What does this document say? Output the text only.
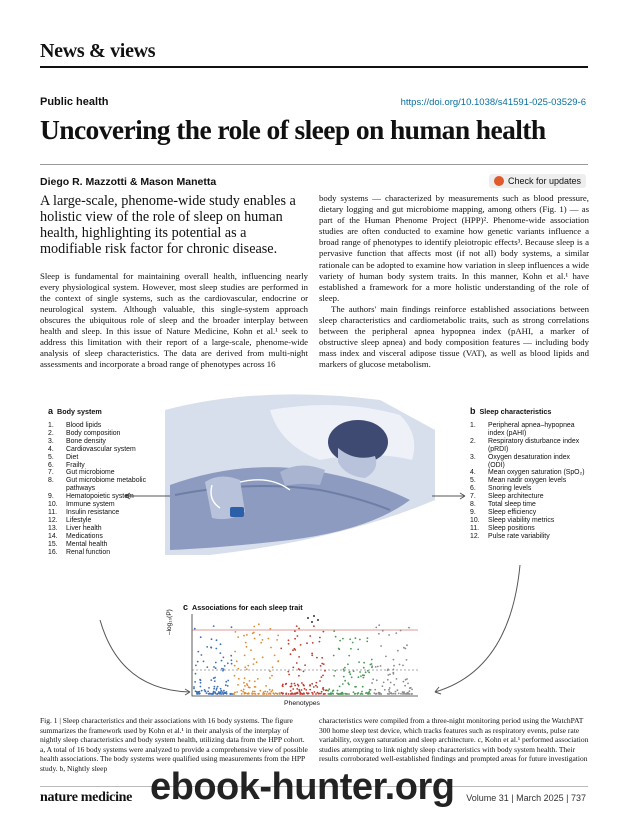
News & views
Public health	https://doi.org/10.1038/s41591-025-03529-6
Uncovering the role of sleep on human health
Diego R. Mazzotti & Mason Manetta	Check for updates

A large-scale, phenome-wide study enables a holistic view of the role of sleep on human health, highlighting its potential as a modifiable risk factor for chronic disease.

Sleep is fundamental for maintaining overall health, influencing nearly every physiological system. However, most sleep studies are performed in the context of single systems, such as the cardiovascular, endocrine or neurological system. Although valuable, this single-system approach obscures the ubiquitous role of sleep and the broader interplay between health and sleep. In this issue of Nature Medicine, Kohn et al.¹ seek to address this limitation with their report of a large-scale, phenome-wide analysis of sleep characteristics. The data are derived from multi-night assessments and incorporate a broad range of phenotypes across 16

body systems — characterized by measurements such as blood pressure, dietary logging and gut microbiome mapping, among others (Fig. 1) — as part of the Human Phenome Project (HPP)². Phenome-wide association studies are often conducted to examine how genetic variants influence a broad range of phenotypes to identify pleiotropic effects³. Because sleep is a pervasive function that affects most (if not all) body systems, a similar rationale can be adopted to examine how variation in sleep influences a wide variety of human body system traits. In this manner, Kohn et al.¹ have established a framework for a more holistic understanding of the role of sleep.

The authors' main findings reinforce established associations between sleep characteristics and cardiometabolic traits, such as strong correlations between the peripheral apnea hypopnea index (pAHI, a marker of obstructive sleep apnea) and body composition features — including body mass index and visceral adipose tissue (VAT), as well as blood lipids and markers of glucose metabolism.

a Body system
1.	Blood lipids
2.	Body composition
3.	Bone density
4.	Cardiovascular system
5.	Diet
6.	Frailty
7.	Gut microbiome
8.	Gut microbiome metabolic pathways
9.	Hematopoietic system
10.	Immune system
11.	Insulin resistance
12.	Lifestyle
13.	Liver health
14.	Medications
15.	Mental health
16.	Renal function
b Sleep characteristics
1.	Peripheral apnea–hypopnea index (pAHI)
2.	Respiratory disturbance index (pRDI)
3.	Oxygen desaturation index (ODI)
4.	Mean oxygen saturation (SpO₂)
5.	Mean nadir oxygen levels
6.	Snoring levels
7.	Sleep architecture
8.	Total sleep time
9.	Sleep efficiency
10.	Sleep viability metrics
11.	Sleep positions
12.	Pulse rate variability
c Associations for each sleep trait
–log₁₀(P)
Phenotypes

Fig. 1 | Sleep characteristics and their associations with 16 body systems. The figure summarizes the framework used by Kohn et al.¹ in their analysis of the interplay of nightly sleep characteristics and body system health, utilizing data from the HPP cohort. a, A total of 16 body systems were analyzed to provide a comprehensive view of possible health associations. The body systems were qualified using measurements from the HPP study. b, Nightly sleep

characteristics were compiled from a three-night monitoring period using the WatchPAT 300 home sleep test device, which tracks features such as respiratory events, pulse rate variability, oxygen saturation and sleep architecture. c, Kohn et al.¹ performed association studies attempting to link nightly sleep characteristics with body system health. Their results corroborated well-established findings and prompted areas for future investigation

nature medicine	Volume 31 | March 2025 | 737
ebook-hunter.org
